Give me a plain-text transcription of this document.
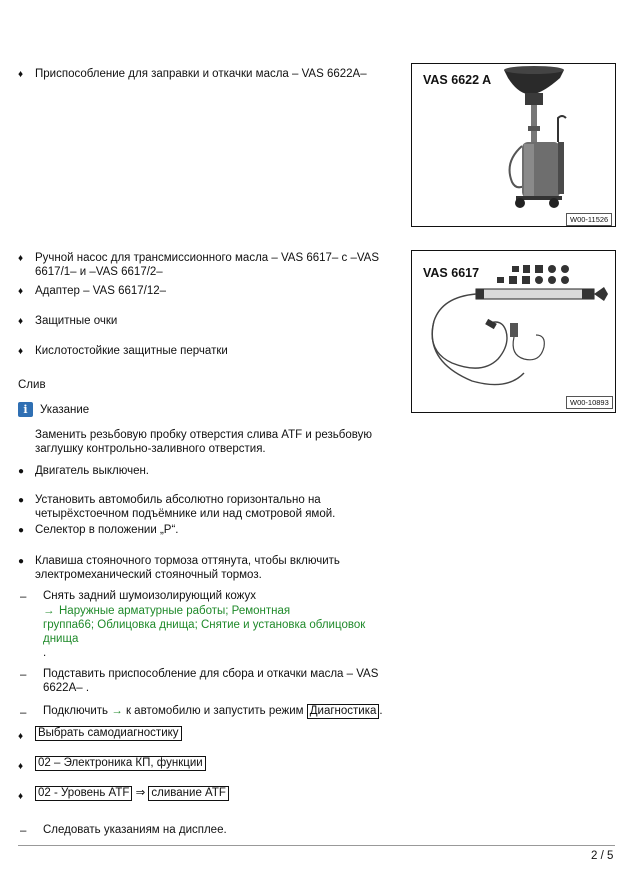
♦ Приспособление для заправки и откачки масла – VAS 6622A–
♦ Ручной насос для трансмиссионного масла – VAS 6617– с –VAS
6617/1– и –VAS 6617/2–
♦ Адаптер – VAS 6617/12–
♦ Защитные очки
♦ Кислотостойкие защитные перчатки
Слив
i	Указание
Заменить резьбовую пробку отверстия слива ATF и резьбовую
заглушку контрольно-заливного отверстия.
● Двигатель выключен.
● Установить автомобиль абсолютно горизонтально на
четырёхстоечном подъёмнике или над смотровой ямой.
● Селектор в положении „P“.
● Клавиша стояночного тормоза оттянута, чтобы включить
электромеханический стояночный тормоз.
– Снять задний шумоизолирующий кожух
→ Наружные арматурные работы; Ремонтная
группа66; Облицовка днища; Снятие и установка облицовок
днища
.
– Подставить приспособление для сбора и откачки масла – VAS
6622A– .
– Подключить → к автомобилю и запустить режим Диагностика .
♦ Выбрать самодиагностику
♦ 02 – Электроника КП, функции
♦ 02 - Уровень ATF ⇒ сливание ATF
– Следовать указаниям на дисплее.
2 / 5
VAS 6622 A
W00-11526
VAS 6617
W00-10893
